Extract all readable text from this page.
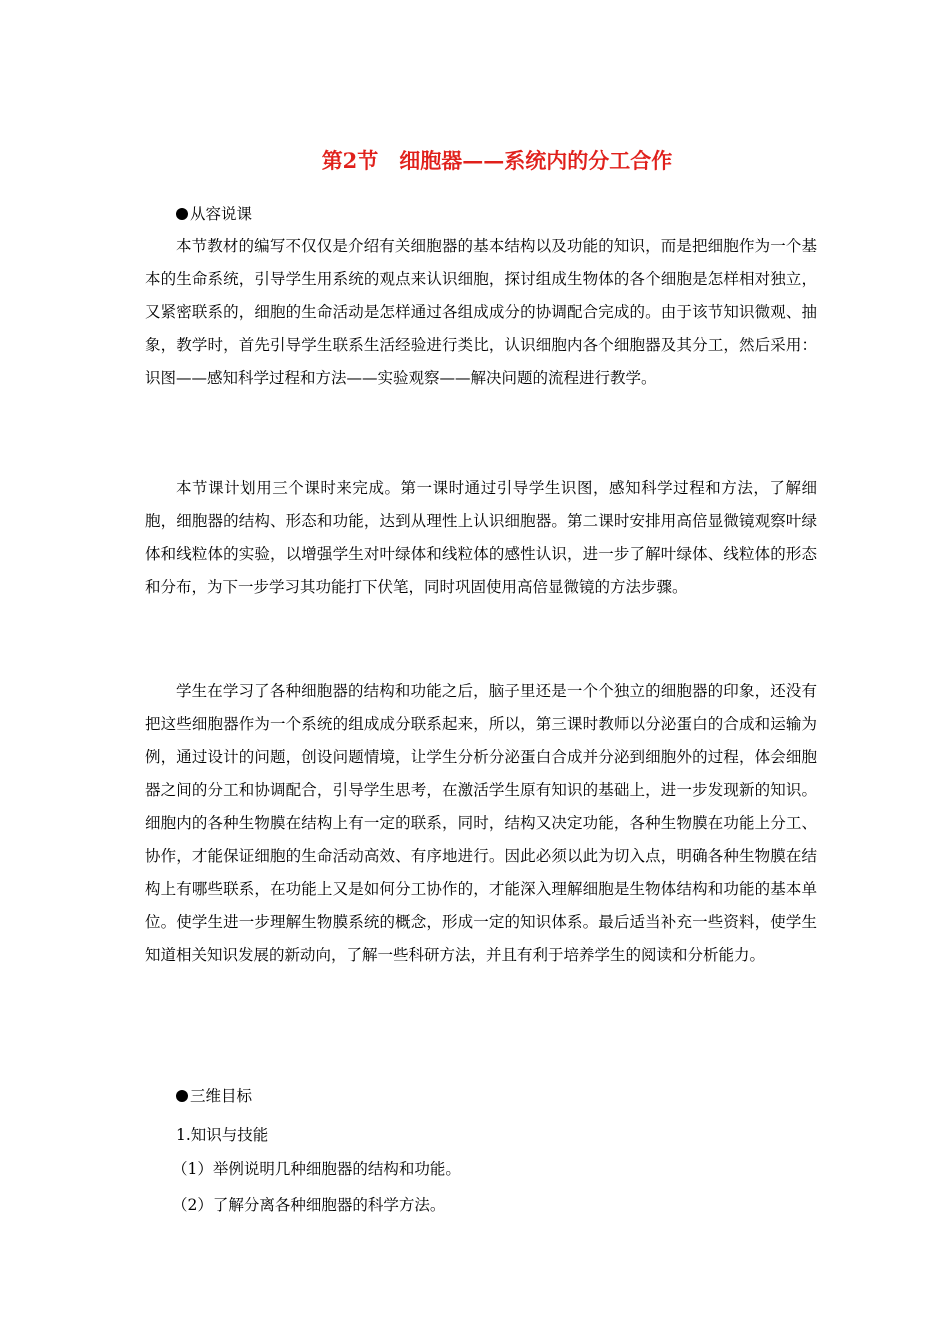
第2节　细胞器——系统内的分工合作
从容说课

本节教材的编写不仅仅是介绍有关细胞器的基本结构以及功能的知识，而是把细胞作为一个基本的生命系统，引导学生用系统的观点来认识细胞，探讨组成生物体的各个细胞是怎样相对独立，又紧密联系的，细胞的生命活动是怎样通过各组成成分的协调配合完成的。由于该节知识微观、抽象，教学时，首先引导学生联系生活经验进行类比，认识细胞内各个细胞器及其分工，然后采用：识图——感知科学过程和方法——实验观察——解决问题的流程进行教学。

本节课计划用三个课时来完成。第一课时通过引导学生识图，感知科学过程和方法，了解细胞，细胞器的结构、形态和功能，达到从理性上认识细胞器。第二课时安排用高倍显微镜观察叶绿体和线粒体的实验，以增强学生对叶绿体和线粒体的感性认识，进一步了解叶绿体、线粒体的形态和分布，为下一步学习其功能打下伏笔，同时巩固使用高倍显微镜的方法步骤。

学生在学习了各种细胞器的结构和功能之后，脑子里还是一个个独立的细胞器的印象，还没有把这些细胞器作为一个系统的组成成分联系起来，所以，第三课时教师以分泌蛋白的合成和运输为例，通过设计的问题，创设问题情境，让学生分析分泌蛋白合成并分泌到细胞外的过程，体会细胞器之间的分工和协调配合，引导学生思考，在激活学生原有知识的基础上，进一步发现新的知识。细胞内的各种生物膜在结构上有一定的联系，同时，结构又决定功能，各种生物膜在功能上分工、协作，才能保证细胞的生命活动高效、有序地进行。因此必须以此为切入点，明确各种生物膜在结构上有哪些联系，在功能上又是如何分工协作的，才能深入理解细胞是生物体结构和功能的基本单位。使学生进一步理解生物膜系统的概念，形成一定的知识体系。最后适当补充一些资料，使学生知道相关知识发展的新动向，了解一些科研方法，并且有利于培养学生的阅读和分析能力。

三维目标
1.知识与技能
（1）举例说明几种细胞器的结构和功能。
（2）了解分离各种细胞器的科学方法。
